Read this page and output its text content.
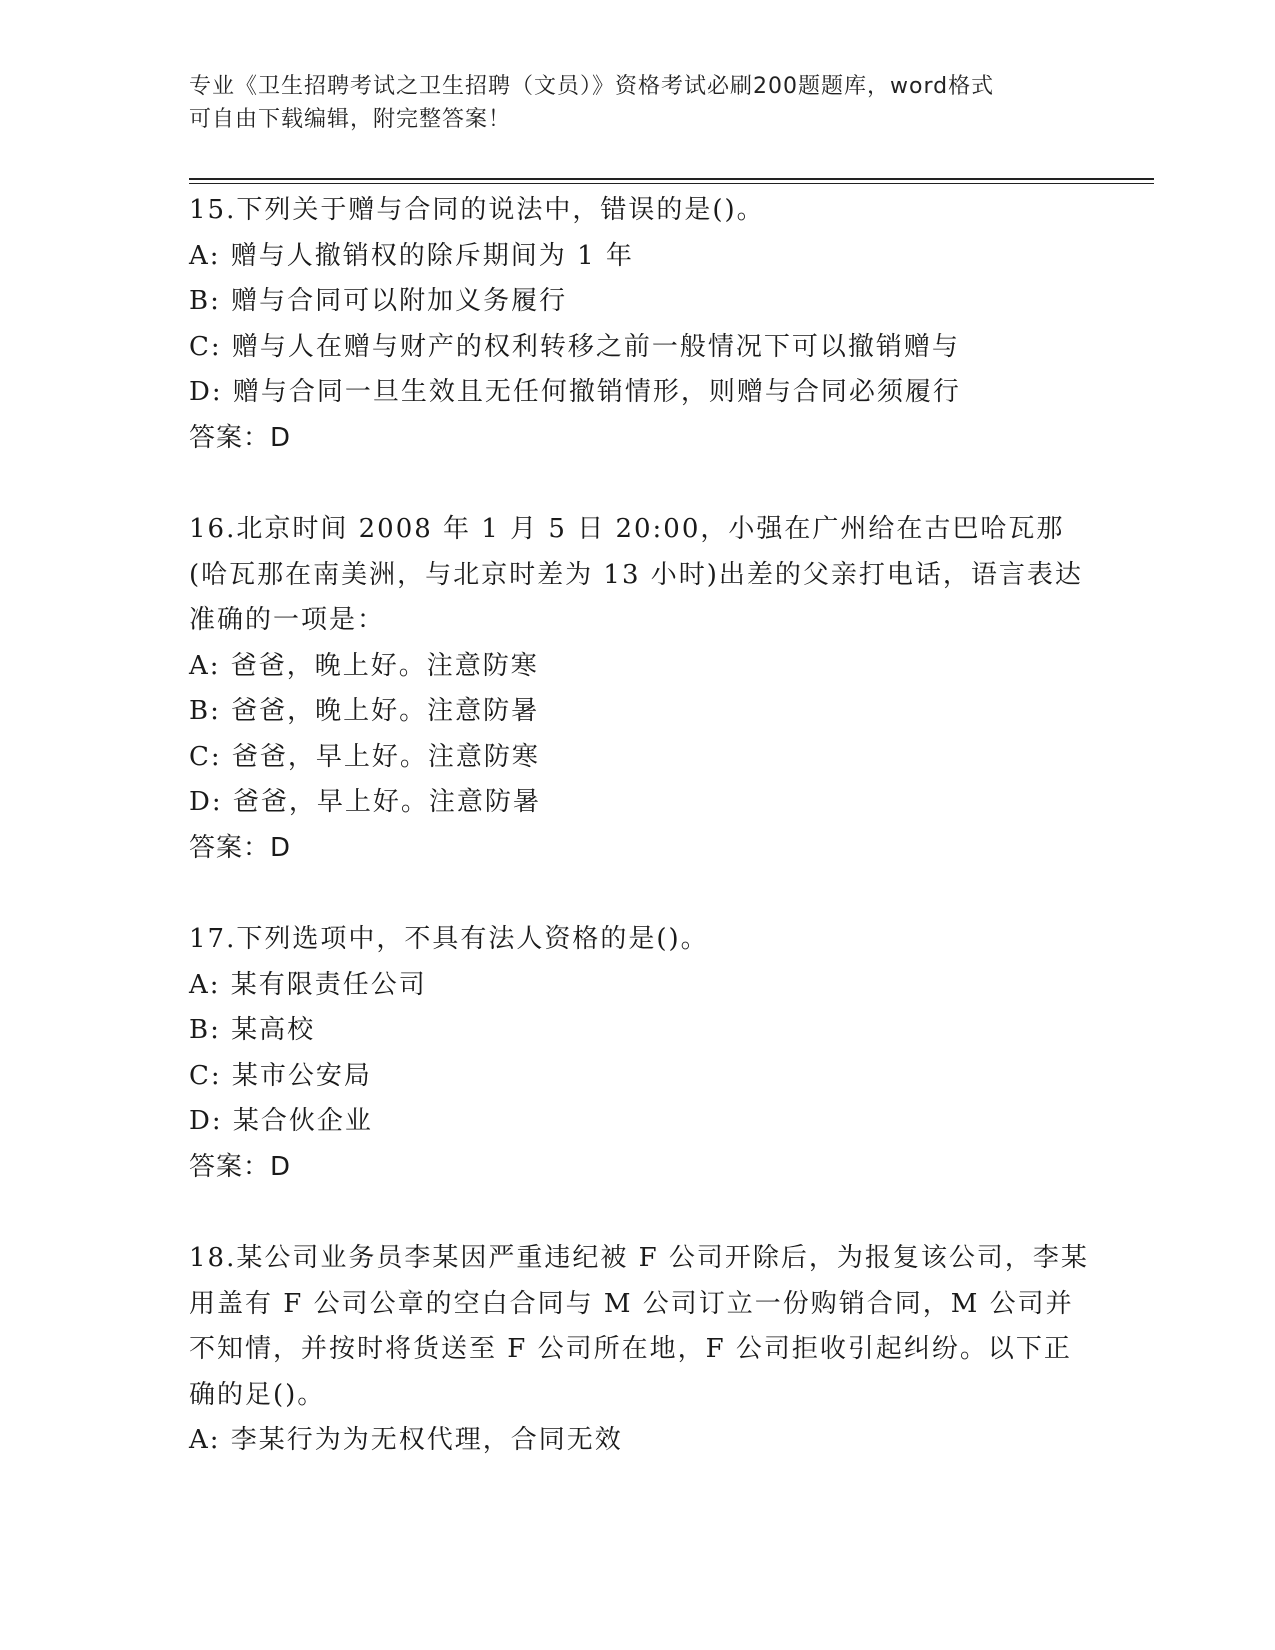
专业《卫生招聘考试之卫生招聘（文员）》资格考试必刷200题题库，word格式
可自由下载编辑，附完整答案！

15.下列关于赠与合同的说法中，错误的是()。

A: 赠与人撤销权的除斥期间为 1 年

B: 赠与合同可以附加义务履行

C: 赠与人在赠与财产的权利转移之前一般情况下可以撤销赠与

D: 赠与合同一旦生效且无任何撤销情形，则赠与合同必须履行

答案：D

16.北京时间 2008 年 1 月 5 日 20:00，小强在广州给在古巴哈瓦那(哈瓦那在南美洲，与北京时差为 13 小时)出差的父亲打电话，语言表达准确的一项是：

A: 爸爸，晚上好。注意防寒

B: 爸爸，晚上好。注意防暑

C: 爸爸，早上好。注意防寒

D: 爸爸，早上好。注意防暑

答案：D

17.下列选项中，不具有法人资格的是()。

A: 某有限责任公司

B: 某高校

C: 某市公安局

D: 某合伙企业

答案：D

18.某公司业务员李某因严重违纪被 F 公司开除后，为报复该公司，李某用盖有 F 公司公章的空白合同与 M 公司订立一份购销合同，M 公司并不知情，并按时将货送至 F 公司所在地，F 公司拒收引起纠纷。以下正确的足()。

A: 李某行为为无权代理，合同无效
